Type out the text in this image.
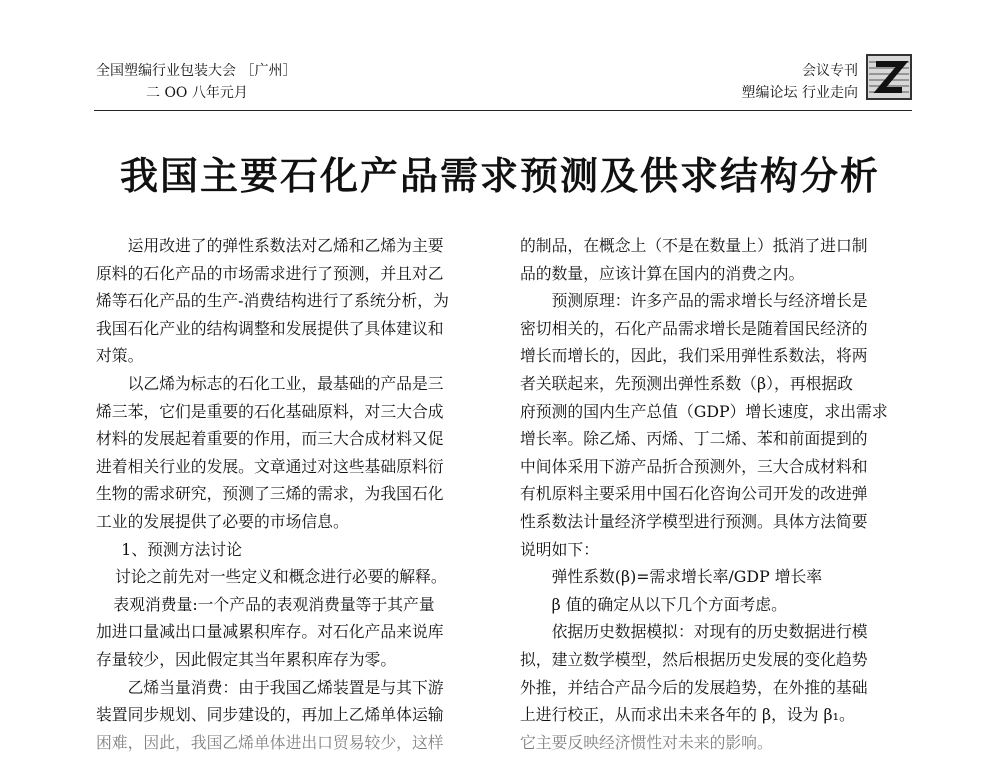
全国塑编行业包装大会 ［广州］
二 OO 八年元月
会议专刊
塑编论坛 行业走向
我国主要石化产品需求预测及供求结构分析

运用改进了的弹性系数法对乙烯和乙烯为主要

原料的石化产品的市场需求进行了预测，并且对乙

烯等石化产品的生产-消费结构进行了系统分析，为

我国石化产业的结构调整和发展提供了具体建议和

对策。

以乙烯为标志的石化工业，最基础的产品是三

烯三苯，它们是重要的石化基础原料，对三大合成

材料的发展起着重要的作用，而三大合成材料又促

进着相关行业的发展。文章通过对这些基础原料衍

生物的需求研究，预测了三烯的需求，为我国石化

工业的发展提供了必要的市场信息。

1、预测方法讨论

讨论之前先对一些定义和概念进行必要的解释。

表观消费量:一个产品的表观消费量等于其产量

加进口量减出口量减累积库存。对石化产品来说库

存量较少，因此假定其当年累积库存为零。

乙烯当量消费：由于我国乙烯装置是与其下游

装置同步规划、同步建设的，再加上乙烯单体运输

困难，因此，我国乙烯单体进出口贸易较少，这样

的制品，在概念上（不是在数量上）抵消了进口制

品的数量，应该计算在国内的消费之内。

预测原理：许多产品的需求增长与经济增长是

密切相关的，石化产品需求增长是随着国民经济的

增长而增长的，因此，我们采用弹性系数法，将两

者关联起来，先预测出弹性系数（β），再根据政

府预测的国内生产总值（GDP）增长速度，求出需求

增长率。除乙烯、丙烯、丁二烯、苯和前面提到的

中间体采用下游产品折合预测外，三大合成材料和

有机原料主要采用中国石化咨询公司开发的改进弹

性系数法计量经济学模型进行预测。具体方法简要

说明如下：

弹性系数(β)=需求增长率/GDP 增长率

β 值的确定从以下几个方面考虑。

依据历史数据模拟：对现有的历史数据进行模

拟，建立数学模型，然后根据历史发展的变化趋势

外推，并结合产品今后的发展趋势，在外推的基础

上进行校正，从而求出未来各年的 β，设为 β₁。

它主要反映经济惯性对未来的影响。
